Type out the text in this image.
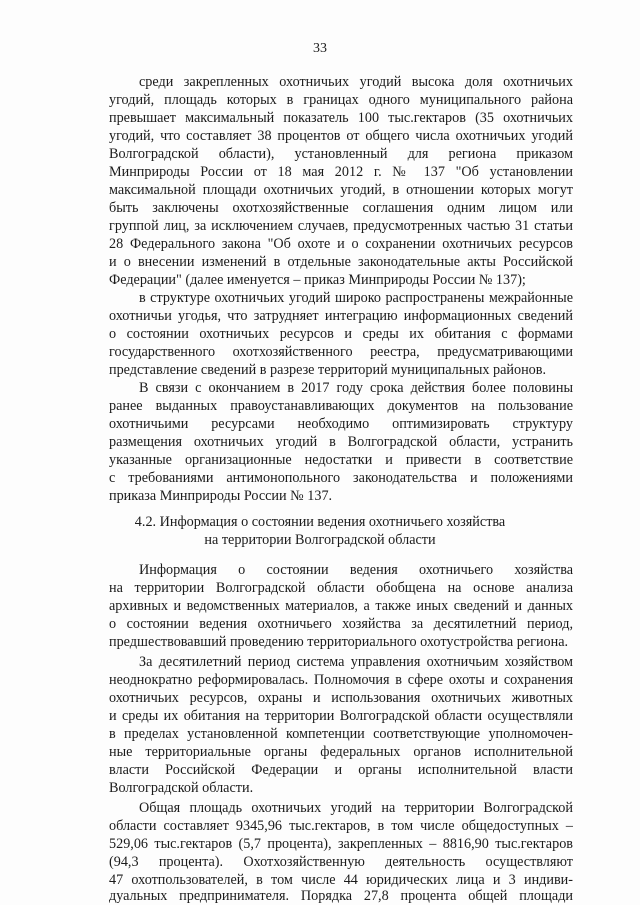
33
среди закрепленных охотничьих угодий высока доля охотничьих
угодий, площадь которых в границах одного муниципального района
превышает максимальный показатель 100 тыс.гектаров (35 охотничьих
угодий, что составляет 38 процентов от общего числа охотничьих угодий
Волгоградской области), установленный для региона приказом
Минприроды России от 18 мая 2012 г. № 137 "Об установлении
максимальной площади охотничьих угодий, в отношении которых могут
быть заключены охотхозяйственные соглашения одним лицом или
группой лиц, за исключением случаев, предусмотренных частью 31 статьи
28 Федерального закона "Об охоте и о сохранении охотничьих ресурсов
и о внесении изменений в отдельные законодательные акты Российской
Федерации" (далее именуется – приказ Минприроды России № 137);
в структуре охотничьих угодий широко распространены межрайонные
охотничьи угодья, что затрудняет интеграцию информационных сведений
о состоянии охотничьих ресурсов и среды их обитания с формами
государственного охотхозяйственного реестра, предусматривающими
представление сведений в разрезе территорий муниципальных районов.
В связи с окончанием в 2017 году срока действия более половины
ранее выданных правоустанавливающих документов на пользование
охотничьими ресурсами необходимо оптимизировать структуру
размещения охотничьих угодий в Волгоградской области, устранить
указанные организационные недостатки и привести в соответствие
с требованиями антимонопольного законодательства и положениями
приказа Минприроды России № 137.
4.2. Информация о состоянии ведения охотничьего хозяйства
на территории Волгоградской области
Информация о состоянии ведения охотничьего хозяйства
на территории Волгоградской области обобщена на основе анализа
архивных и ведомственных материалов, а также иных сведений и данных
о состоянии ведения охотничьего хозяйства за десятилетний период,
предшествовавший проведению территориального охотустройства региона.
За десятилетний период система управления охотничьим хозяйством
неоднократно реформировалась. Полномочия в сфере охоты и сохранения
охотничьих ресурсов, охраны и использования охотничьих животных
и среды их обитания на территории Волгоградской области осуществляли
в пределах установленной компетенции соответствующие уполномочен-
ные территориальные органы федеральных органов исполнительной
власти Российской Федерации и органы исполнительной власти
Волгоградской области.
Общая площадь охотничьих угодий на территории Волгоградской
области составляет 9345,96 тыс.гектаров, в том числе общедоступных –
529,06 тыс.гектаров (5,7 процента), закрепленных – 8816,90 тыс.гектаров
(94,3 процента). Охотхозяйственную деятельность осуществляют
47 охотпользователей, в том числе 44 юридических лица и 3 индиви-
дуальных предпринимателя. Порядка 27,8 процента общей площади
